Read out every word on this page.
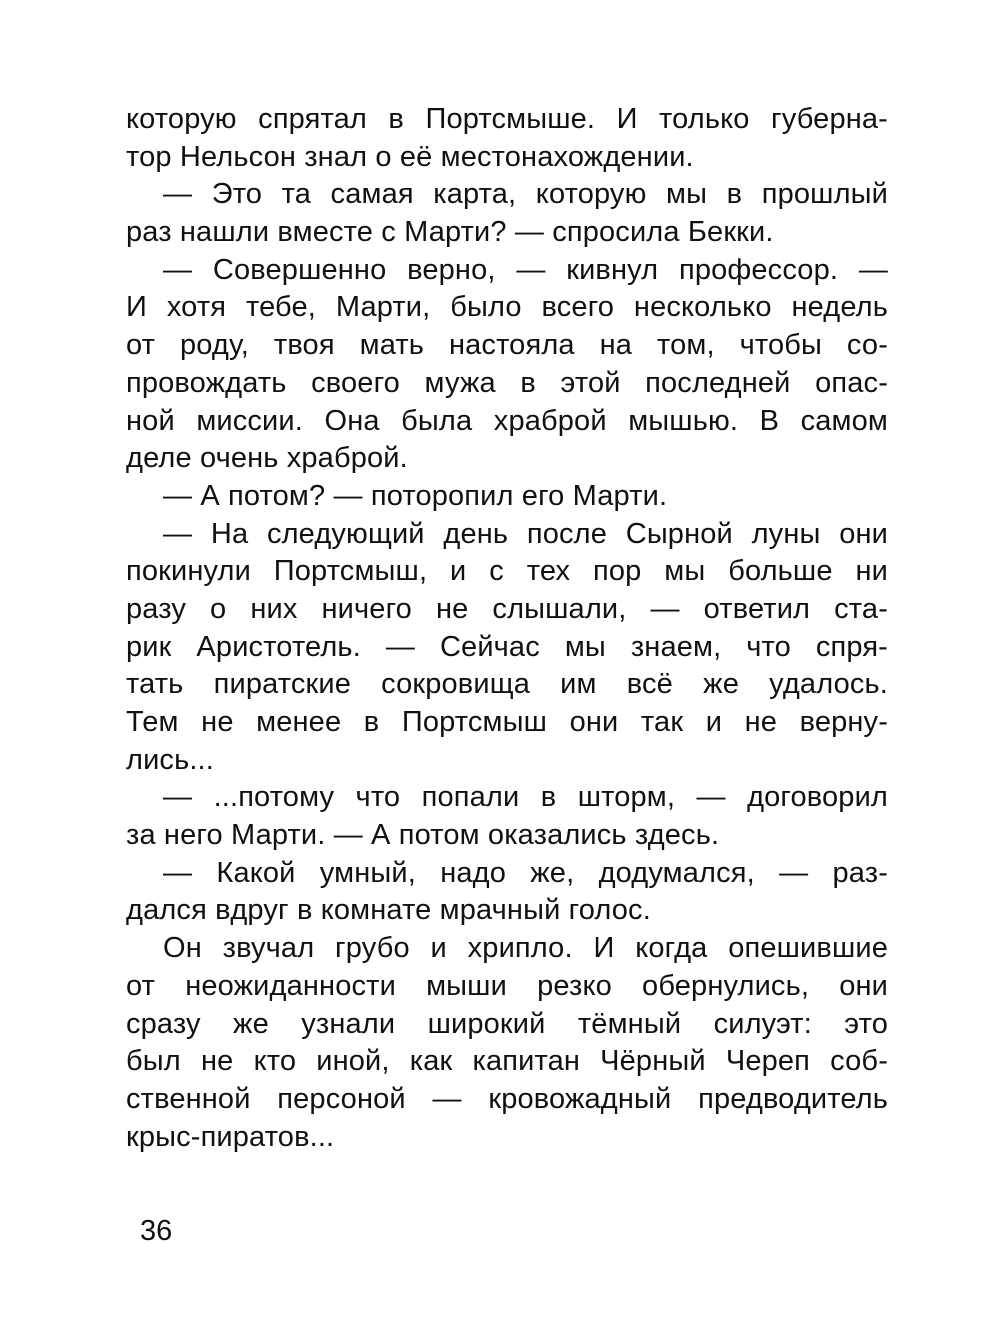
которую спрятал в Портсмыше. И только губерна-
тор Нельсон знал о её местонахождении.
— Это та самая карта, которую мы в прошлый
раз нашли вместе с Марти? — спросила Бекки.
— Совершенно верно, — кивнул профессор. —
И хотя тебе, Марти, было всего несколько недель
от роду, твоя мать настояла на том, чтобы со-
провождать своего мужа в этой последней опас-
ной миссии. Она была храброй мышью. В самом
деле очень храброй.
— А потом? — поторопил его Марти.
— На следующий день после Сырной луны они
покинули Портсмыш, и с тех пор мы больше ни
разу о них ничего не слышали, — ответил ста-
рик Аристотель. — Сейчас мы знаем, что спря-
тать пиратские сокровища им всё же удалось.
Тем не менее в Портсмыш они так и не верну-
лись...
— ...потому что попали в шторм, — договорил
за него Марти. — А потом оказались здесь.
— Какой умный, надо же, додумался, — раз-
дался вдруг в комнате мрачный голос.
Он звучал грубо и хрипло. И когда опешившие
от неожиданности мыши резко обернулись, они
сразу же узнали широкий тёмный силуэт: это
был не кто иной, как капитан Чёрный Череп соб-
ственной персоной — кровожадный предводитель
крыс-пиратов...
36
